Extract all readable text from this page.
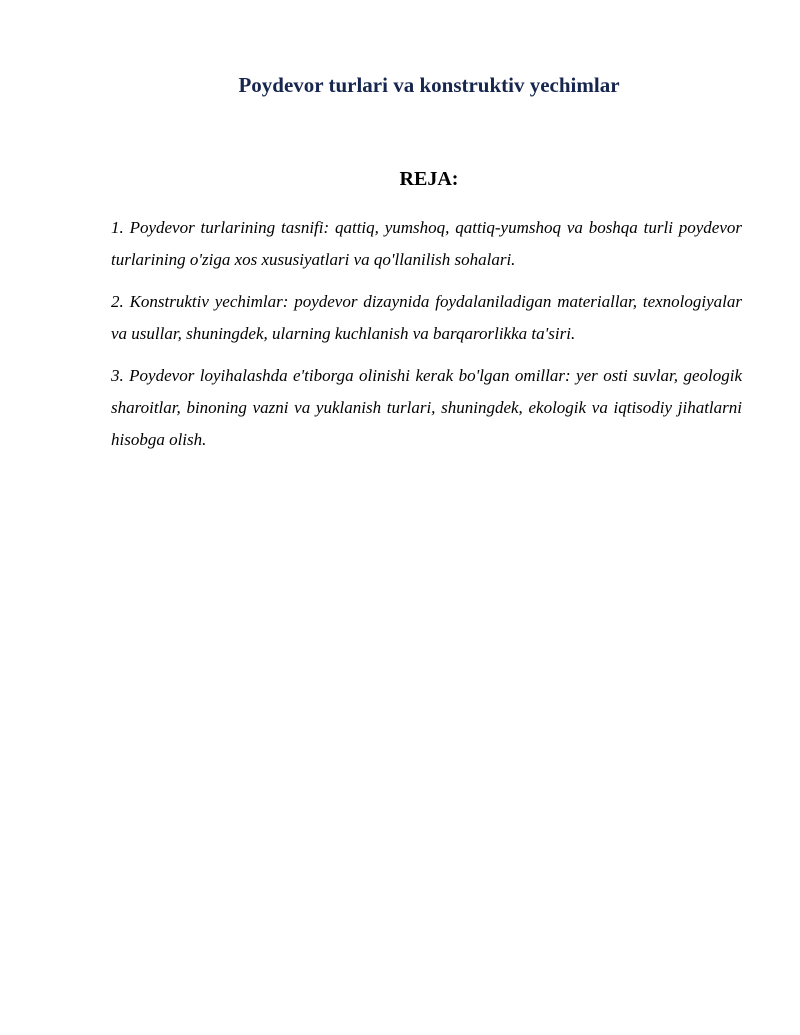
Poydevor turlari va konstruktiv yechimlar
REJA:
1. Poydevor turlarining tasnifi: qattiq, yumshoq, qattiq-yumshoq va boshqa turli poydevor turlarining o'ziga xos xususiyatlari va qo'llanilish sohalari.
2. Konstruktiv yechimlar: poydevor dizaynida foydalaniladigan materiallar, texnologiyalar va usullar, shuningdek, ularning kuchlanish va barqarorlikka ta'siri.
3. Poydevor loyihalashda e'tiborga olinishi kerak bo'lgan omillar: yer osti suvlar, geologik sharoitlar, binoning vazni va yuklanish turlari, shuningdek, ekologik va iqtisodiy jihatlarni hisobga olish.
